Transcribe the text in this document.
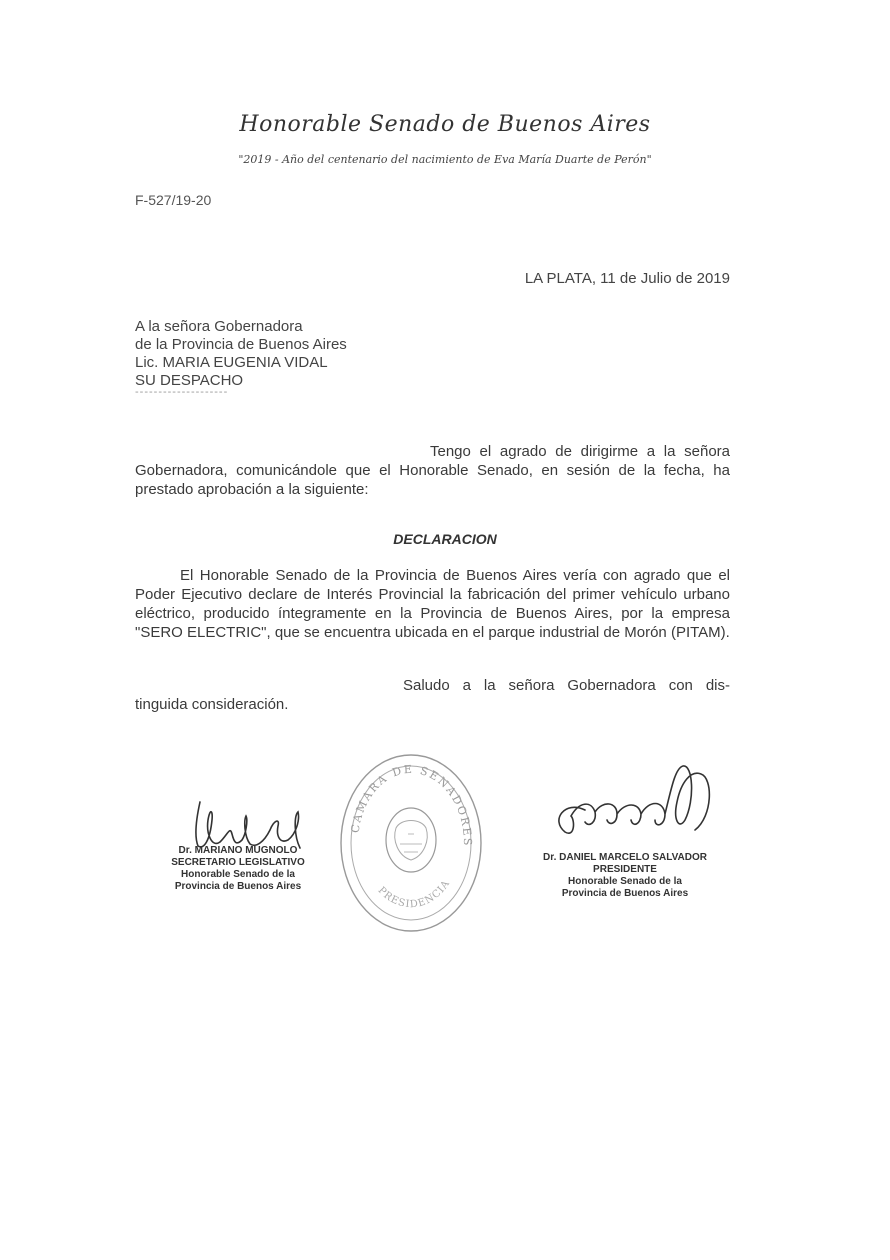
Honorable Senado de Buenos Aires
"2019 - Año del centenario del nacimiento de Eva María Duarte de Perón"
F-527/19-20
LA PLATA, 11 de Julio de 2019
A la señora Gobernadora
de la Provincia de Buenos Aires
Lic. MARIA EUGENIA VIDAL
SU DESPACHO
--------------------
Tengo el agrado de dirigirme a la señora Gobernadora, comunicándole que el Honorable Senado, en sesión de la fecha, ha prestado aprobación a la siguiente:
DECLARACION
El Honorable Senado de la Provincia de Buenos Aires vería con agrado que el Poder Ejecutivo declare de Interés Provincial la fabricación del primer vehículo urbano eléctrico, producido íntegramente en la Provincia de Buenos Aires, por la empresa "SERO ELECTRIC", que se encuentra ubicada en el parque industrial de Morón (PITAM).
Saludo a la señora Gobernadora con dis- tinguida consideración.
CAMARA DE SENADORES
PRESIDENCIA
Dr. MARIANO MUGNOLO
SECRETARIO LEGISLATIVO
Honorable Senado de la
Provincia de Buenos Aires
Dr. DANIEL MARCELO SALVADOR
PRESIDENTE
Honorable Senado de la
Provincia de Buenos Aires
